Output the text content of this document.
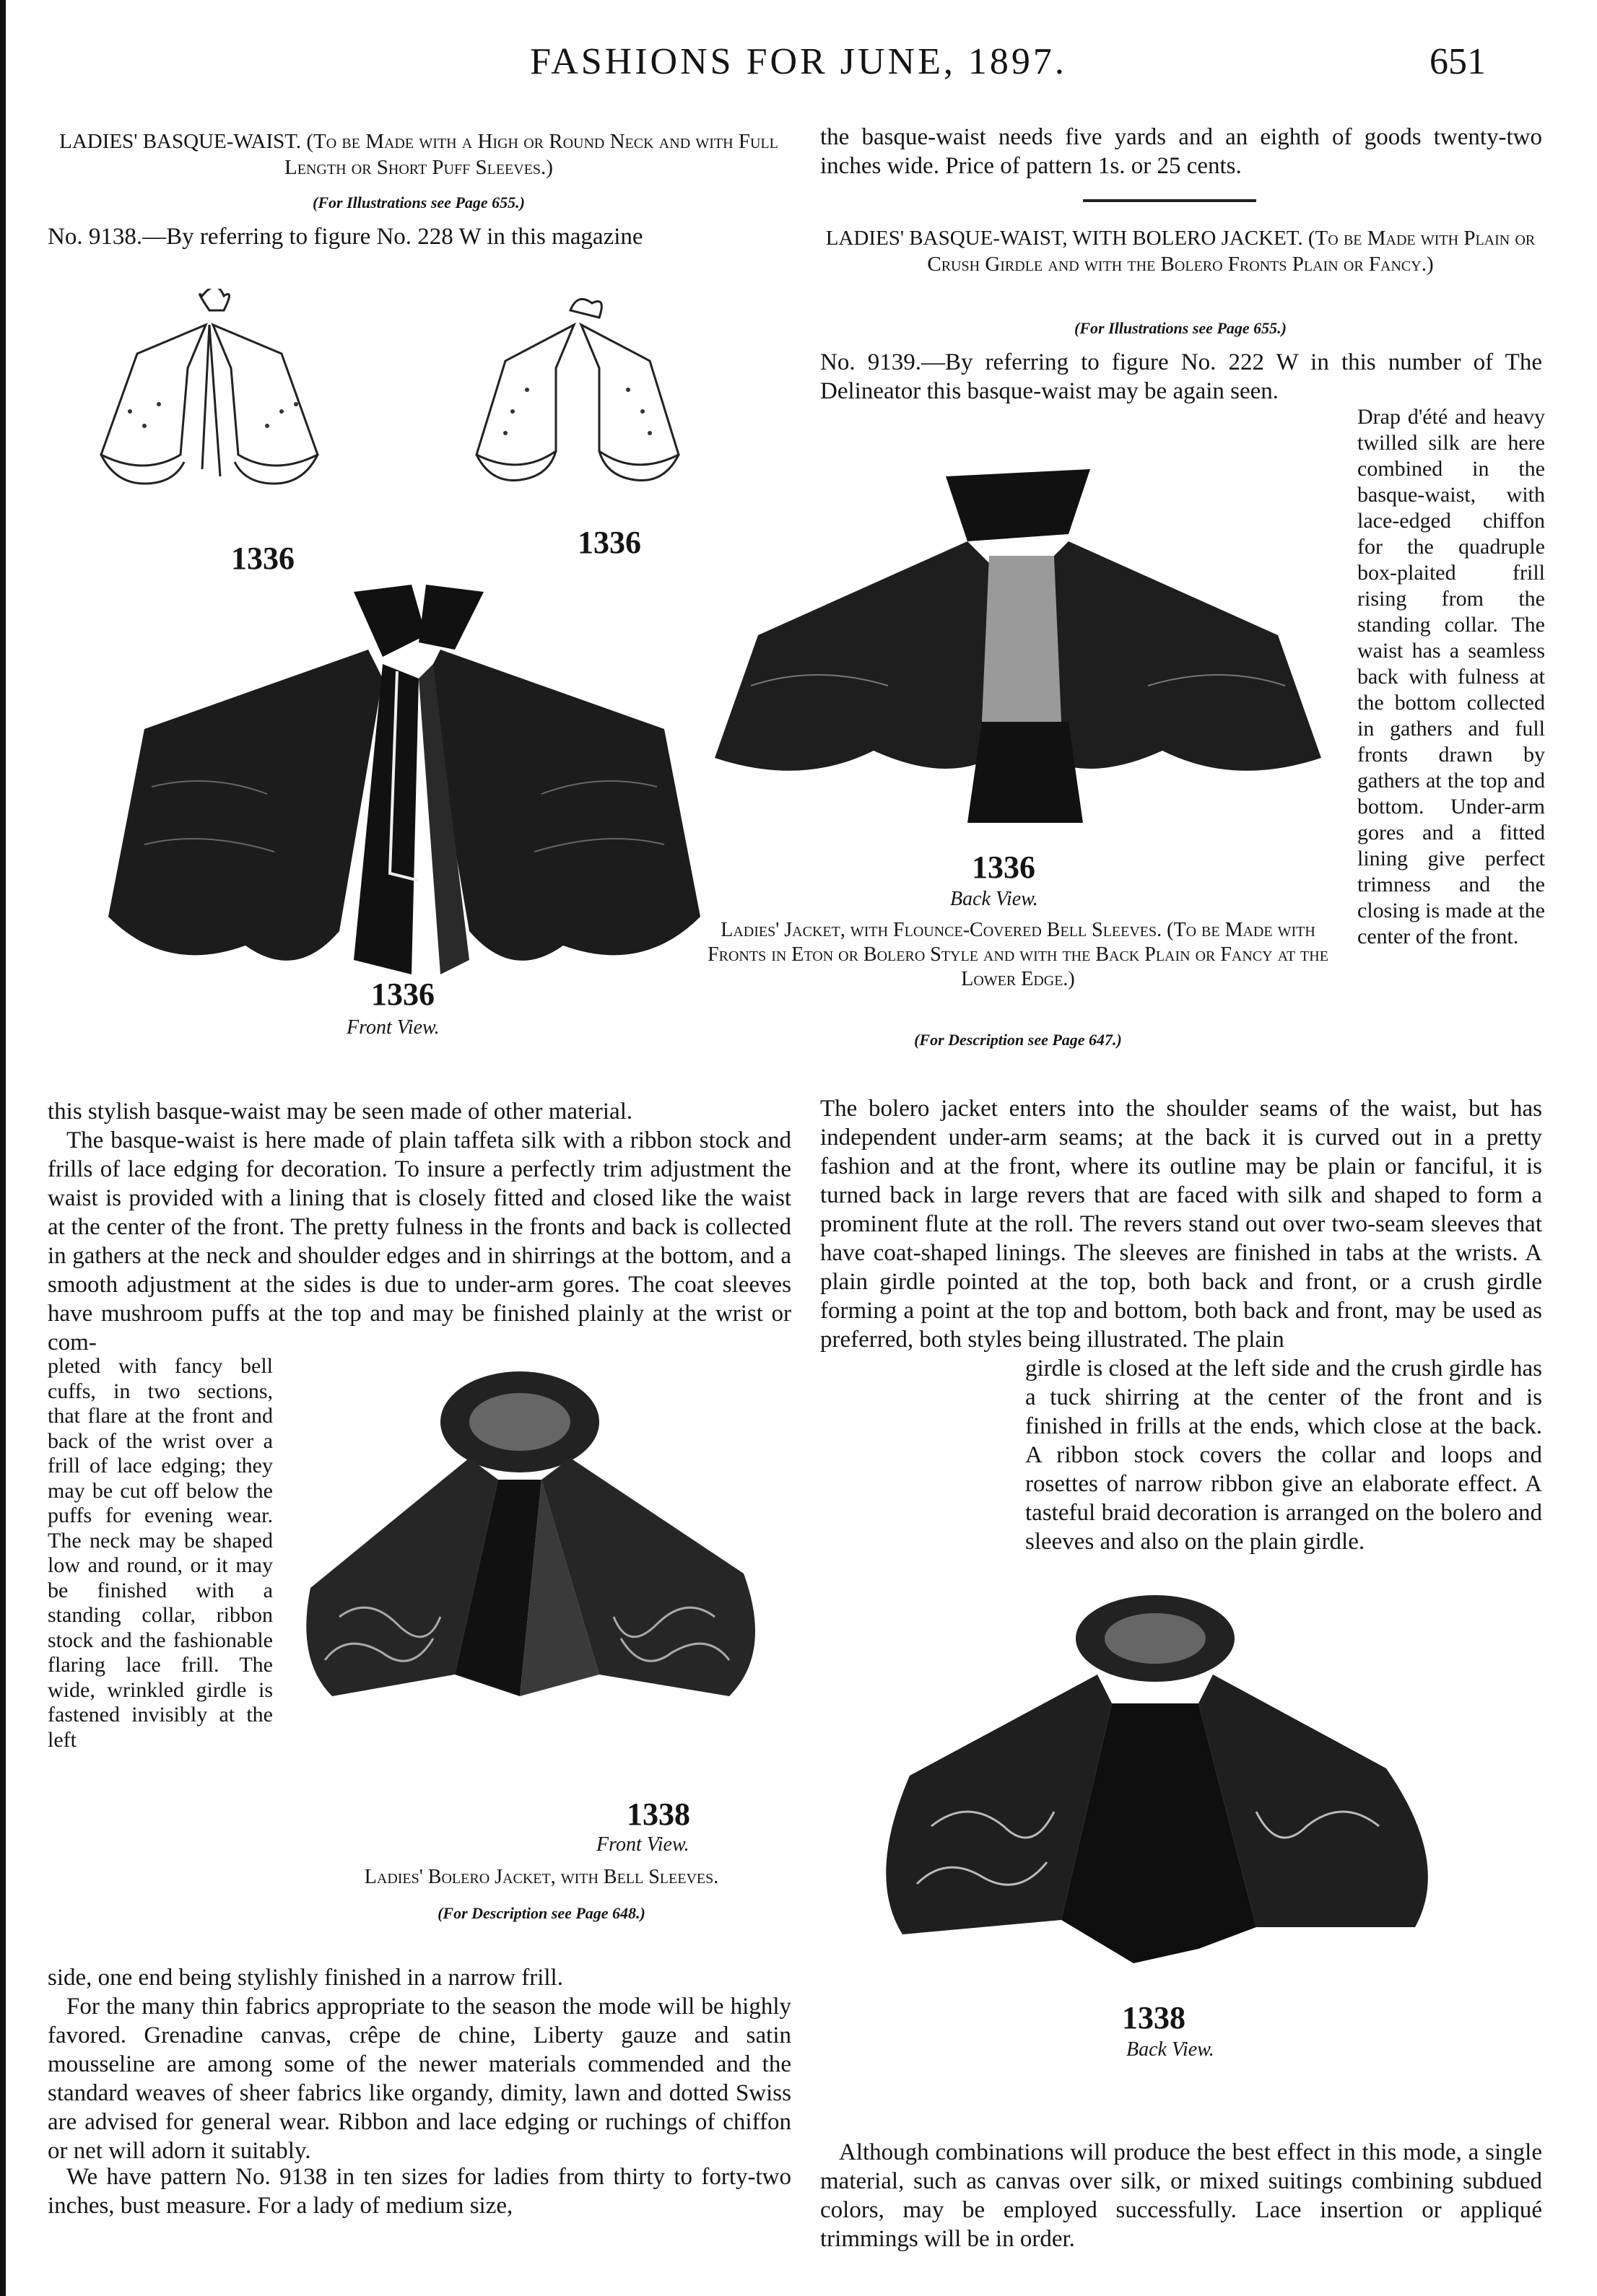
FASHIONS FOR JUNE, 1897.	651
LADIES' BASQUE-WAIST. (To be Made with a High or Round Neck and with Full Length or Short Puff Sleeves.)
(For Illustrations see Page 655.)
No. 9138.—By referring to figure No. 228 W in this magazine
1336	1336
1336
Front View.
the basque-waist needs five yards and an eighth of goods twenty-two inches wide. Price of pattern 1s. or 25 cents.
LADIES' BASQUE-WAIST, WITH BOLERO JACKET. (To be Made with Plain or Crush Girdle and with the Bolero Fronts Plain or Fancy.)
(For Illustrations see Page 655.)
No. 9139.—By referring to figure No. 222 W in this number of The Delineator this basque-waist may be again seen.
Drap d'été and heavy twilled silk are here combined in the basque-waist, with lace-edged chiffon for the quadruple box-plaited frill rising from the standing collar. The waist has a seamless back with fulness at the bottom collected in gathers and full fronts drawn by gathers at the top and bottom. Under-arm gores and a fitted lining give perfect trimness and the closing is made at the center of the front.
1336
Back View.
Ladies' Jacket, with Flounce-Covered Bell Sleeves. (To be Made with Fronts in Eton or Bolero Style and with the Back Plain or Fancy at the Lower Edge.)
(For Description see Page 647.)
this stylish basque-waist may be seen made of other material.
The basque-waist is here made of plain taffeta silk with a ribbon stock and frills of lace edging for decoration. To insure a perfectly trim adjustment the waist is provided with a lining that is closely fitted and closed like the waist at the center of the front. The pretty fulness in the fronts and back is collected in gathers at the neck and shoulder edges and in shirrings at the bottom, and a smooth adjustment at the sides is due to under-arm gores. The coat sleeves have mushroom puffs at the top and may be finished plainly at the wrist or com-
pleted with fancy bell cuffs, in two sections, that flare at the front and back of the wrist over a frill of lace edging; they may be cut off below the puffs for evening wear. The neck may be shaped low and round, or it may be finished with a standing collar, ribbon stock and the fashionable flaring lace frill. The wide, wrinkled girdle is fastened invisibly at the left
1338
Front View.
Ladies' Bolero Jacket, with Bell Sleeves.
(For Description see Page 648.)
side, one end being stylishly finished in a narrow frill.
For the many thin fabrics appropriate to the season the mode will be highly favored. Grenadine canvas, crêpe de chine, Liberty gauze and satin mousseline are among some of the newer materials commended and the standard weaves of sheer fabrics like organdy, dimity, lawn and dotted Swiss are advised for general wear. Ribbon and lace edging or ruchings of chiffon or net will adorn it suitably.
We have pattern No. 9138 in ten sizes for ladies from thirty to forty-two inches, bust measure. For a lady of medium size,
The bolero jacket enters into the shoulder seams of the waist, but has independent under-arm seams; at the back it is curved out in a pretty fashion and at the front, where its outline may be plain or fanciful, it is turned back in large revers that are faced with silk and shaped to form a prominent flute at the roll. The revers stand out over two-seam sleeves that have coat-shaped linings. The sleeves are finished in tabs at the wrists. A plain girdle pointed at the top, both back and front, or a crush girdle forming a point at the top and bottom, both back and front, may be used as preferred, both styles being illustrated. The plain
girdle is closed at the left side and the crush girdle has a tuck shirring at the center of the front and is finished in frills at the ends, which close at the back. A ribbon stock covers the collar and loops and rosettes of narrow ribbon give an elaborate effect. A tasteful braid decoration is arranged on the bolero and sleeves and also on the plain girdle.
1338
Back View.
Although combinations will produce the best effect in this mode, a single material, such as canvas over silk, or mixed suitings combining subdued colors, may be employed successfully. Lace insertion or appliqué trimmings will be in order.
